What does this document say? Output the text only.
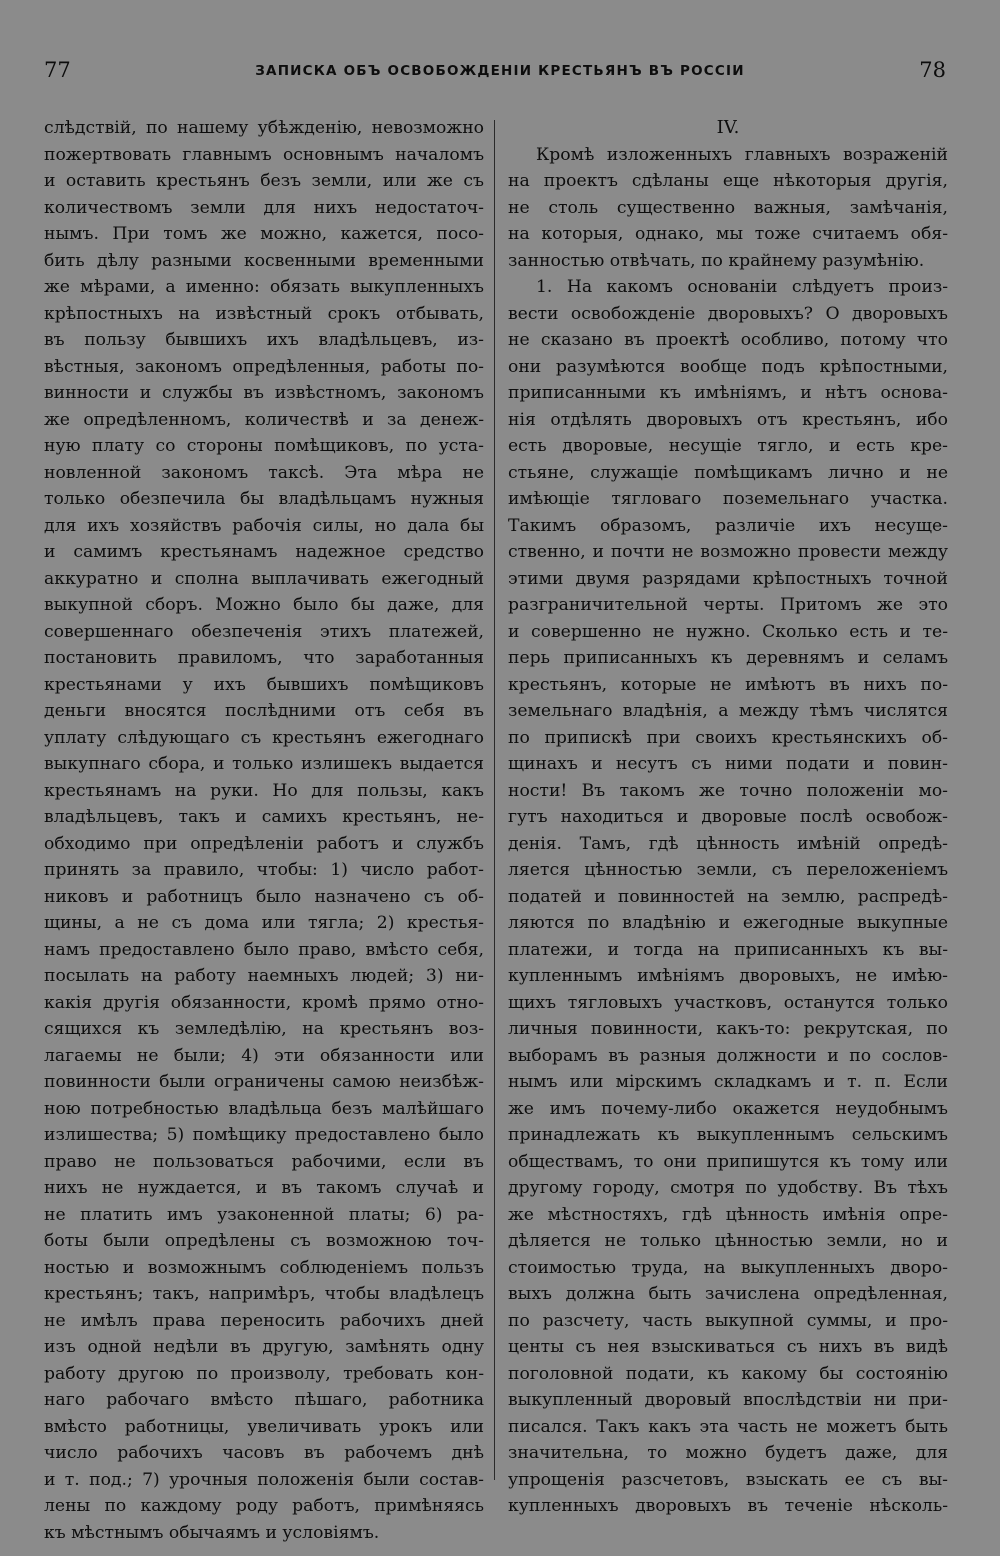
77	ЗАПИСКА ОБЪ ОСВОБОЖДЕНІИ КРЕСТЬЯНЪ ВЪ РОССІИ	78
слѣдствій, по нашему убѣжденію, невозможно
пожертвовать главнымъ основнымъ началомъ
и оставить крестьянъ безъ земли, или же съ
количествомъ земли для нихъ недостаточ-
нымъ. При томъ же можно, кажется, посо-
бить дѣлу разными косвенными временными
же мѣрами, а именно: обязать выкупленныхъ
крѣпостныхъ на извѣстный срокъ отбывать,
въ пользу бывшихъ ихъ владѣльцевъ, из-
вѣстныя, закономъ опредѣленныя, работы по-
винности и службы въ извѣстномъ, закономъ
же опредѣленномъ, количествѣ и за денеж-
ную плату со стороны помѣщиковъ, по уста-
новленной закономъ таксѣ. Эта мѣра не
только обезпечила бы владѣльцамъ нужныя
для ихъ хозяйствъ рабочія силы, но дала бы
и самимъ крестьянамъ надежное средство
аккуратно и сполна выплачивать ежегодный
выкупной сборъ. Можно было бы даже, для
совершеннаго обезпеченія этихъ платежей,
постановить правиломъ, что заработанныя
крестьянами у ихъ бывшихъ помѣщиковъ
деньги вносятся послѣдними отъ себя въ
уплату слѣдующаго съ крестьянъ ежегоднаго
выкупнаго сбора, и только излишекъ выдается
крестьянамъ на руки. Но для пользы, какъ
владѣльцевъ, такъ и самихъ крестьянъ, не-
обходимо при опредѣленіи работъ и службъ
принять за правило, чтобы: 1) число работ-
никовъ и работницъ было назначено съ об-
щины, а не съ дома или тягла; 2) крестья-
намъ предоставлено было право, вмѣсто себя,
посылать на работу наемныхъ людей; 3) ни-
какія другія обязанности, кромѣ прямо отно-
сящихся къ земледѣлію, на крестьянъ воз-
лагаемы не были; 4) эти обязанности или
повинности были ограничены самою неизбѣж-
ною потребностью владѣльца безъ малѣйшаго
излишества; 5) помѣщику предоставлено было
право не пользоваться рабочими, если въ
нихъ не нуждается, и въ такомъ случаѣ и
не платить имъ узаконенной платы; 6) ра-
боты были опредѣлены съ возможною точ-
ностью и возможнымъ соблюденіемъ пользъ
крестьянъ; такъ, напримѣръ, чтобы владѣлецъ
не имѣлъ права переносить рабочихъ дней
изъ одной недѣли въ другую, замѣнять одну
работу другою по произволу, требовать кон-
наго рабочаго вмѣсто пѣшаго, работника
вмѣсто работницы, увеличивать урокъ или
число рабочихъ часовъ въ рабочемъ днѣ
и т. под.; 7) урочныя положенія были состав-
лены по каждому роду работъ, примѣняясь
къ мѣстнымъ обычаямъ и условіямъ.
IV.
Кромѣ изложенныхъ главныхъ возраженій
на проектъ сдѣланы еще нѣкоторыя другія,
не столь существенно важныя, замѣчанія,
на которыя, однако, мы тоже считаемъ обя-
занностью отвѣчать, по крайнему разумѣнію.
1. На какомъ основаніи слѣдуетъ произ-
вести освобожденіе дворовыхъ? О дворовыхъ
не сказано въ проектѣ особливо, потому что
они разумѣются вообще подъ крѣпостными,
приписанными къ имѣніямъ, и нѣтъ основа-
нія отдѣлять дворовыхъ отъ крестьянъ, ибо
есть дворовые, несущіе тягло, и есть кре-
стьяне, служащіе помѣщикамъ лично и не
имѣющіе тягловаго поземельнаго участка.
Такимъ образомъ, различіе ихъ несуще-
ственно, и почти не возможно провести между
этими двумя разрядами крѣпостныхъ точной
разграничительной черты. Притомъ же это
и совершенно не нужно. Сколько есть и те-
перь приписанныхъ къ деревнямъ и селамъ
крестьянъ, которые не имѣютъ въ нихъ по-
земельнаго владѣнія, а между тѣмъ числятся
по припискѣ при своихъ крестьянскихъ об-
щинахъ и несутъ съ ними подати и повин-
ности! Въ такомъ же точно положеніи мо-
гутъ находиться и дворовые послѣ освобож-
денія. Тамъ, гдѣ цѣнность имѣній опредѣ-
ляется цѣнностью земли, съ переложеніемъ
податей и повинностей на землю, распредѣ-
ляются по владѣнію и ежегодные выкупные
платежи, и тогда на приписанныхъ къ вы-
купленнымъ имѣніямъ дворовыхъ, не имѣю-
щихъ тягловыхъ участковъ, останутся только
личныя повинности, какъ-то: рекрутская, по
выборамъ въ разныя должности и по сослов-
нымъ или мірскимъ складкамъ и т. п. Если
же имъ почему-либо окажется неудобнымъ
принадлежать къ выкупленнымъ сельскимъ
обществамъ, то они припишутся къ тому или
другому городу, смотря по удобству. Въ тѣхъ
же мѣстностяхъ, гдѣ цѣнность имѣнія опре-
дѣляется не только цѣнностью земли, но и
стоимостью труда, на выкупленныхъ дворо-
выхъ должна быть зачислена опредѣленная,
по разсчету, часть выкупной суммы, и про-
центы съ нея взыскиваться съ нихъ въ видѣ
поголовной подати, къ какому бы состоянію
выкупленный дворовый впослѣдствіи ни при-
писался. Такъ какъ эта часть не можетъ быть
значительна, то можно будетъ даже, для
упрощенія разсчетовъ, взыскать ее съ вы-
купленныхъ дворовыхъ въ теченіе нѣсколь-
